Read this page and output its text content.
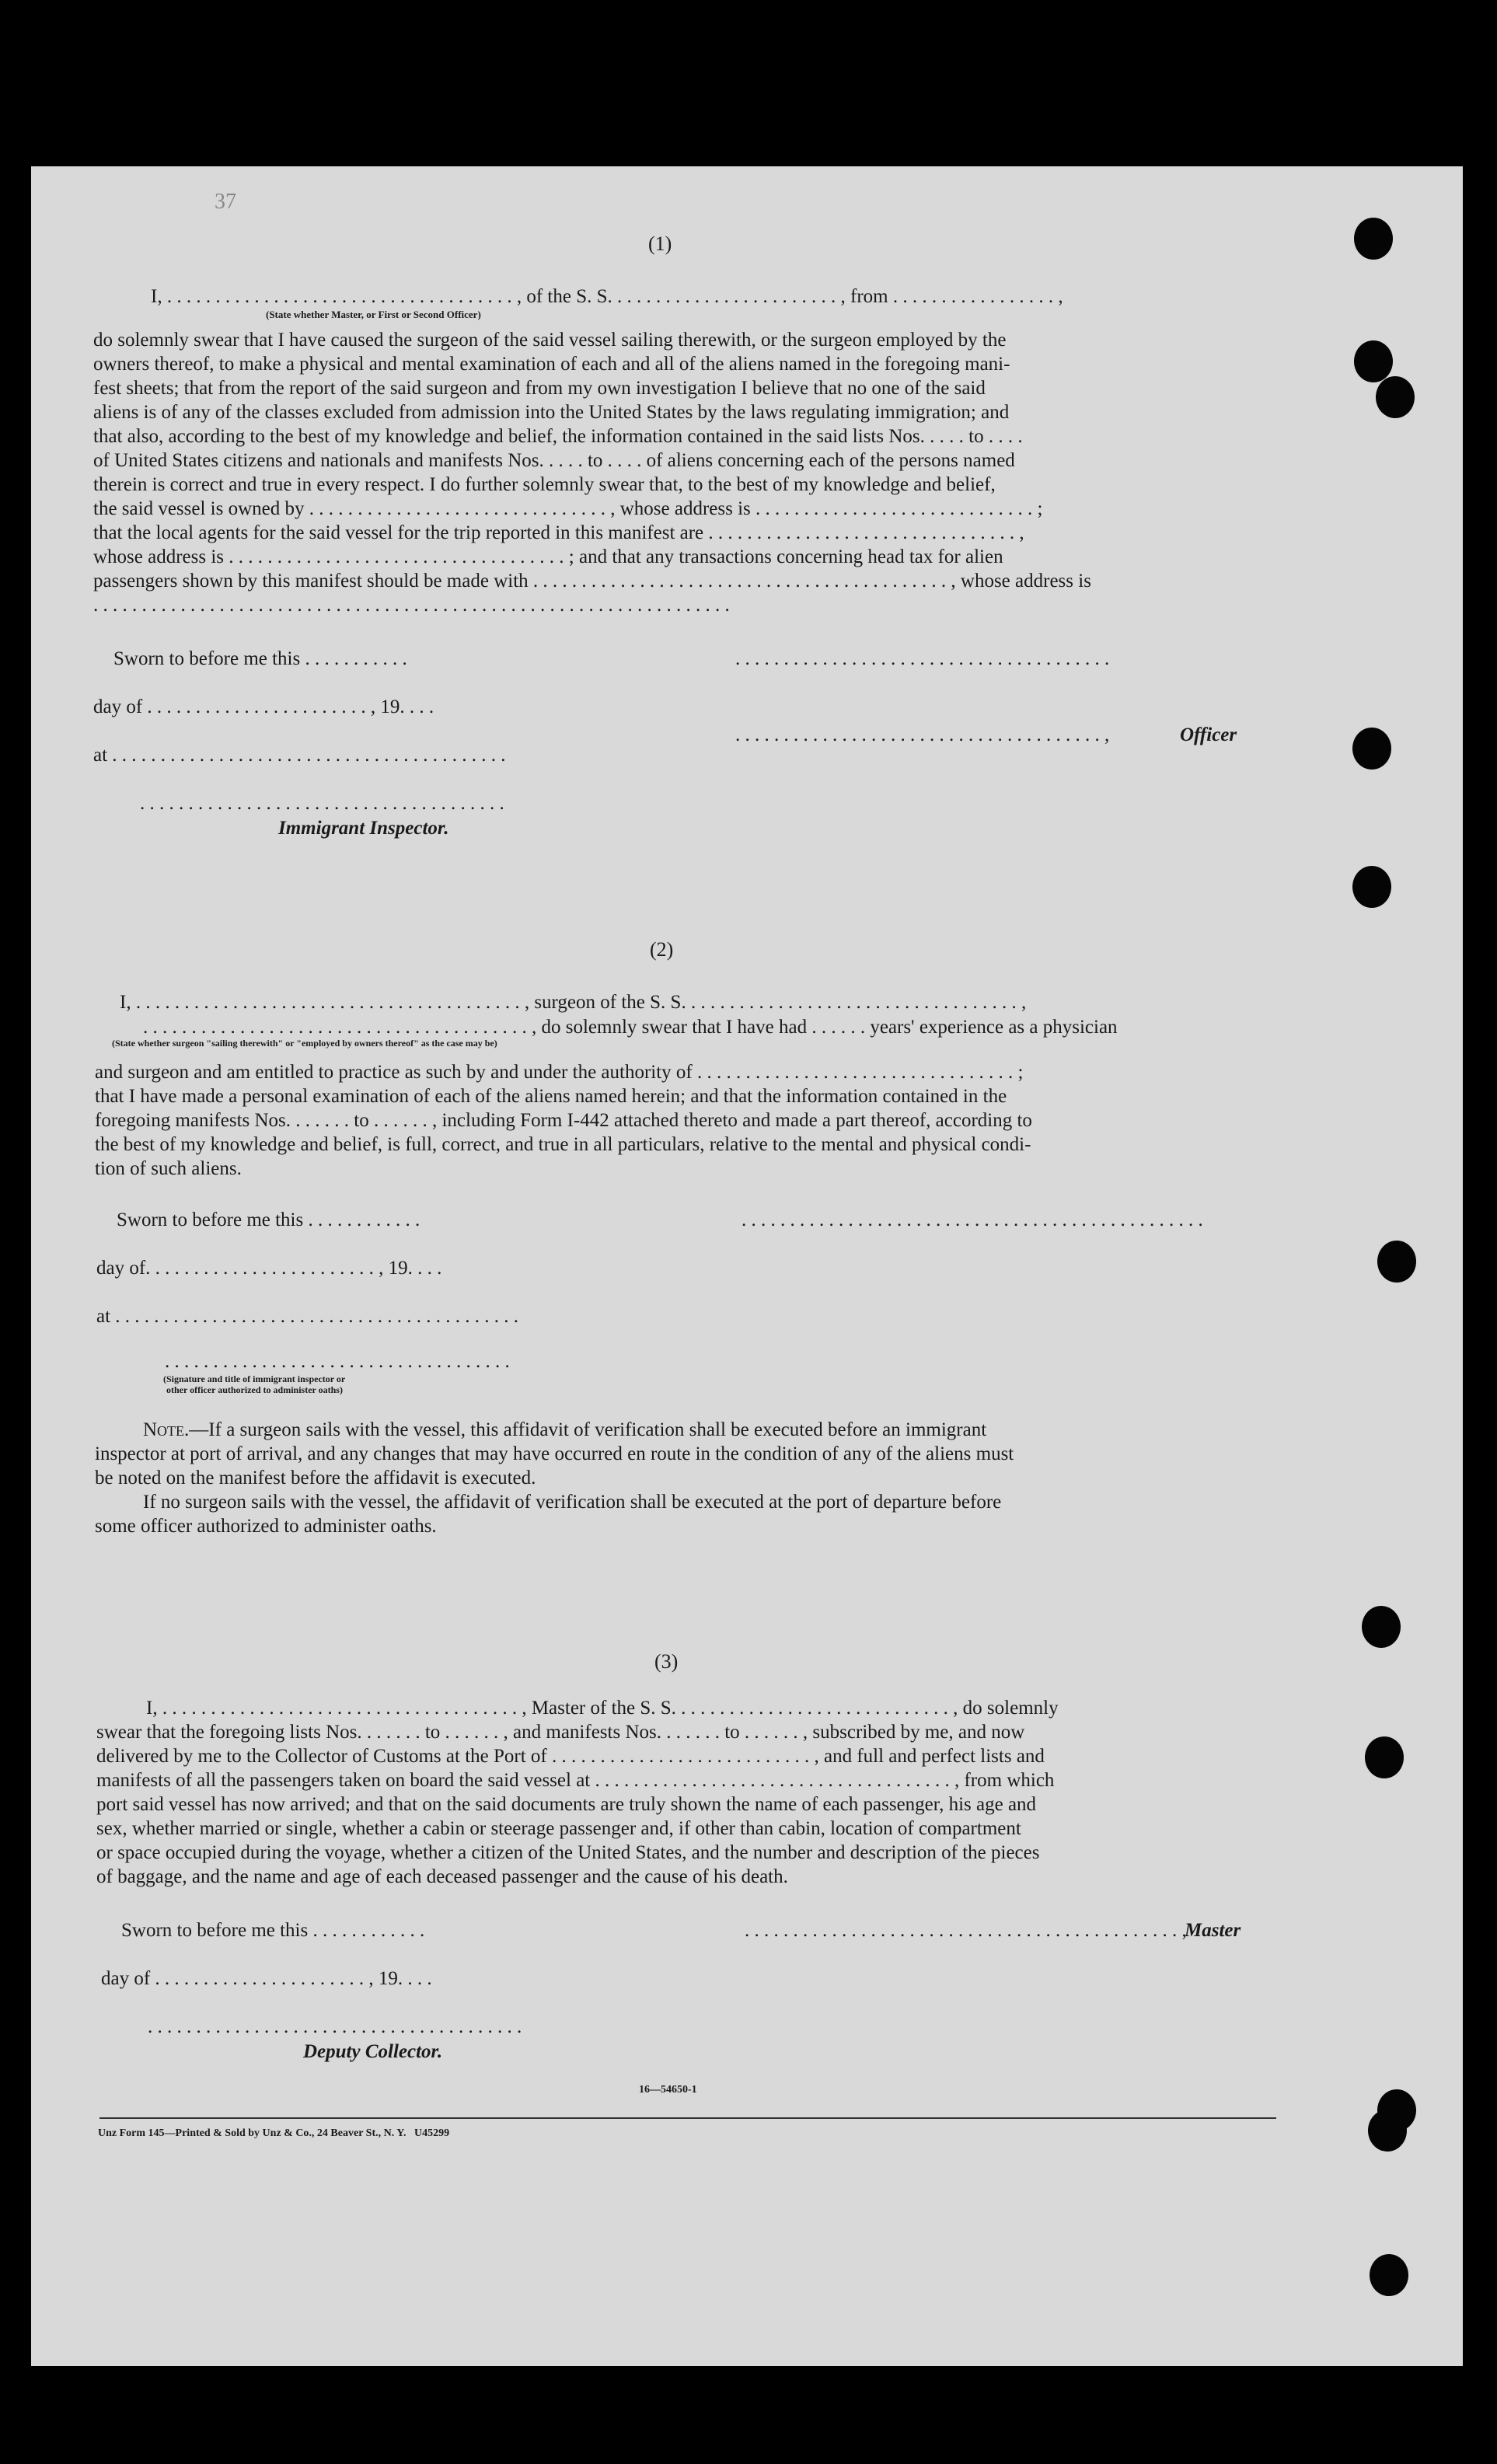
37
(1)
I, . . . . . . . . . . . . . . . . . . . . . . . . . . . . . . . . . . . . , of the S. S. . . . . . . . . . . . . . . . . . . . . . . . , from . . . . . . . . . . . . . . . . . ,
(State whether Master, or First or Second Officer)
do solemnly swear that I have caused the surgeon of the said vessel sailing therewith, or the surgeon employed by the
owners thereof, to make a physical and mental examination of each and all of the aliens named in the foregoing mani-
fest sheets; that from the report of the said surgeon and from my own investigation I believe that no one of the said
aliens is of any of the classes excluded from admission into the United States by the laws regulating immigration; and
that also, according to the best of my knowledge and belief, the information contained in the said lists Nos. . . . . to . . . .
of United States citizens and nationals and manifests Nos. . . . . to . . . . of aliens concerning each of the persons named
therein is correct and true in every respect. I do further solemnly swear that, to the best of my knowledge and belief,
the said vessel is owned by . . . . . . . . . . . . . . . . . . . . . . . . . . . . . . . , whose address is . . . . . . . . . . . . . . . . . . . . . . . . . . . . . ;
that the local agents for the said vessel for the trip reported in this manifest are . . . . . . . . . . . . . . . . . . . . . . . . . . . . . . . . ,
whose address is . . . . . . . . . . . . . . . . . . . . . . . . . . . . . . . . . . . ; and that any transactions concerning head tax for alien
passengers shown by this manifest should be made with . . . . . . . . . . . . . . . . . . . . . . . . . . . . . . . . . . . . . . . . . . . , whose address is
. . . . . . . . . . . . . . . . . . . . . . . . . . . . . . . . . . . . . . . . . . . . . . . . . . . . . . . . . . . . . . . . . .
Sworn to before me this . . . . . . . . . . .	. . . . . . . . . . . . . . . . . . . . . . . . . . . . . . . . . . . . . . .
day of . . . . . . . . . . . . . . . . . . . . . . . , 19. . . .
. . . . . . . . . . . . . . . . . . . . . . . . . . . . . . . . . . . . . . ,	Officer
at . . . . . . . . . . . . . . . . . . . . . . . . . . . . . . . . . . . . . . . . .
. . . . . . . . . . . . . . . . . . . . . . . . . . . . . . . . . . . . . .
Immigrant Inspector.
(2)
I, . . . . . . . . . . . . . . . . . . . . . . . . . . . . . . . . . . . . . . . . , surgeon of the S. S. . . . . . . . . . . . . . . . . . . . . . . . . . . . . . . . . . . ,
. . . . . . . . . . . . . . . . . . . . . . . . . . . . . . . . . . . . . . . . , do solemnly swear that I have had . . . . . . years' experience as a physician
(State whether surgeon "sailing therewith" or "employed by owners thereof" as the case may be)
and surgeon and am entitled to practice as such by and under the authority of . . . . . . . . . . . . . . . . . . . . . . . . . . . . . . . . . ;
that I have made a personal examination of each of the aliens named herein; and that the information contained in the
foregoing manifests Nos. . . . . . . to . . . . . . , including Form I-442 attached thereto and made a part thereof, according to
the best of my knowledge and belief, is full, correct, and true in all particulars, relative to the mental and physical condi-
tion of such aliens.
Sworn to before me this . . . . . . . . . . . .	. . . . . . . . . . . . . . . . . . . . . . . . . . . . . . . . . . . . . . . . . . . . . . . .
day of. . . . . . . . . . . . . . . . . . . . . . . . , 19. . . .
at . . . . . . . . . . . . . . . . . . . . . . . . . . . . . . . . . . . . . . . . . .
. . . . . . . . . . . . . . . . . . . . . . . . . . . . . . . . . . . .
(Signature and title of immigrant inspector or
other officer authorized to administer oaths)
Note.—If a surgeon sails with the vessel, this affidavit of verification shall be executed before an immigrant
inspector at port of arrival, and any changes that may have occurred en route in the condition of any of the aliens must
be noted on the manifest before the affidavit is executed.
If no surgeon sails with the vessel, the affidavit of verification shall be executed at the port of departure before
some officer authorized to administer oaths.
(3)
I, . . . . . . . . . . . . . . . . . . . . . . . . . . . . . . . . . . . . . , Master of the S. S. . . . . . . . . . . . . . . . . . . . . . . . . . . . . , do solemnly
swear that the foregoing lists Nos. . . . . . . to . . . . . . , and manifests Nos. . . . . . . to . . . . . . , subscribed by me, and now
delivered by me to the Collector of Customs at the Port of . . . . . . . . . . . . . . . . . . . . . . . . . . . , and full and perfect lists and
manifests of all the passengers taken on board the said vessel at . . . . . . . . . . . . . . . . . . . . . . . . . . . . . . . . . . . . . , from which
port said vessel has now arrived; and that on the said documents are truly shown the name of each passenger, his age and
sex, whether married or single, whether a cabin or steerage passenger and, if other than cabin, location of compartment
or space occupied during the voyage, whether a citizen of the United States, and the number and description of the pieces
of baggage, and the name and age of each deceased passenger and the cause of his death.
Sworn to before me this . . . . . . . . . . . .	. . . . . . . . . . . . . . . . . . . . . . . . . . . . . . . . . . . . . . . . . . . . . ,
Master
day of . . . . . . . . . . . . . . . . . . . . . . , 19. . . .
. . . . . . . . . . . . . . . . . . . . . . . . . . . . . . . . . . . . . . .
Deputy Collector.
16—54650-1
Unz Form 145—Printed & Sold by Unz & Co., 24 Beaver St., N. Y.   U45299
